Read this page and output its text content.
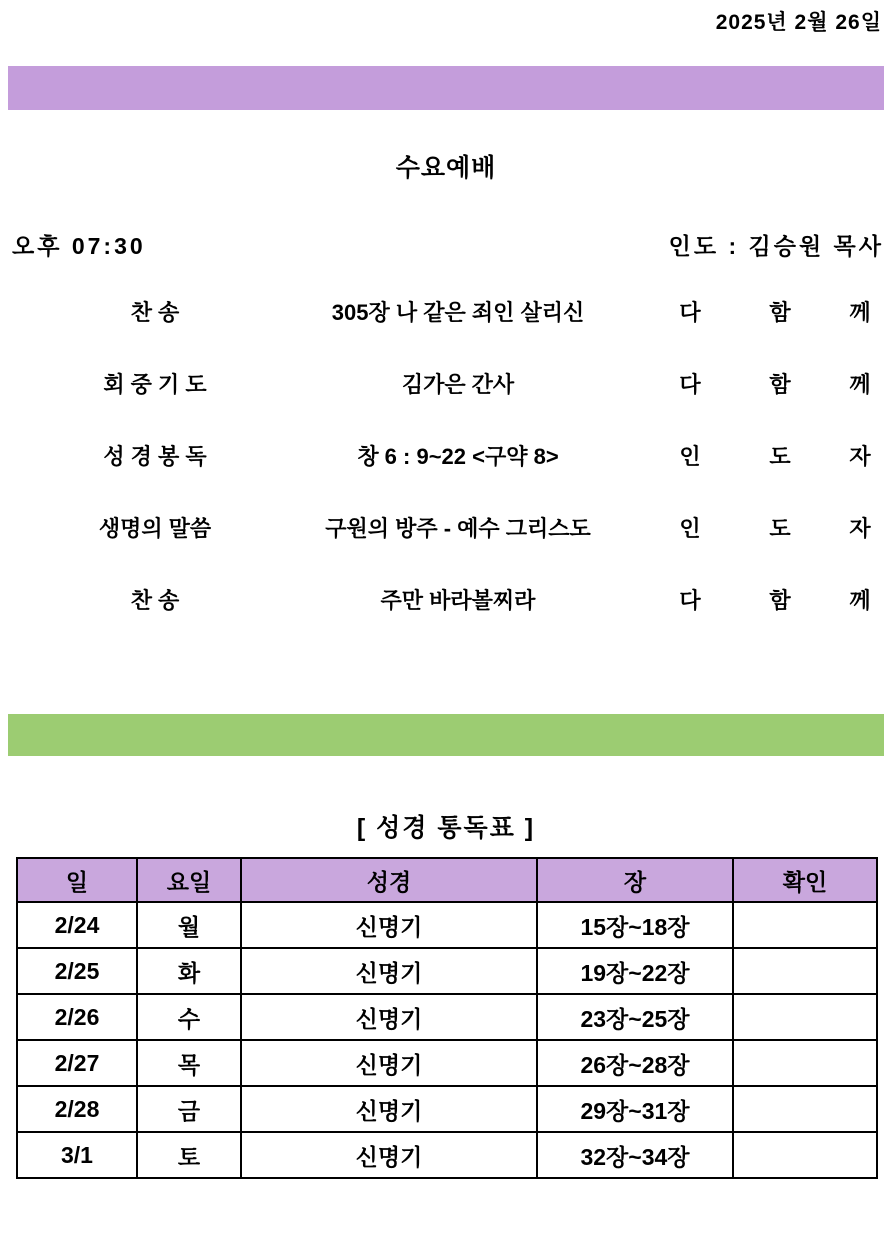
2025년 2월 26일
수요예배
오후 07:30	인도 : 김승원 목사
찬 송	305장 나 같은 죄인 살리신	다	함	께
회 중 기 도	김가은 간사	다	함	께
성 경 봉 독	창 6 : 9~22 <구약 8>	인	도	자
생명의 말씀	구원의 방주 - 예수 그리스도	인	도	자
찬 송	주만 바라볼찌라	다	함	께
[ 성경 통독표 ]
일	요일	성경	장	확인
2/24	월	신명기	15장~18장	
2/25	화	신명기	19장~22장	
2/26	수	신명기	23장~25장	
2/27	목	신명기	26장~28장	
2/28	금	신명기	29장~31장	
3/1	토	신명기	32장~34장	
